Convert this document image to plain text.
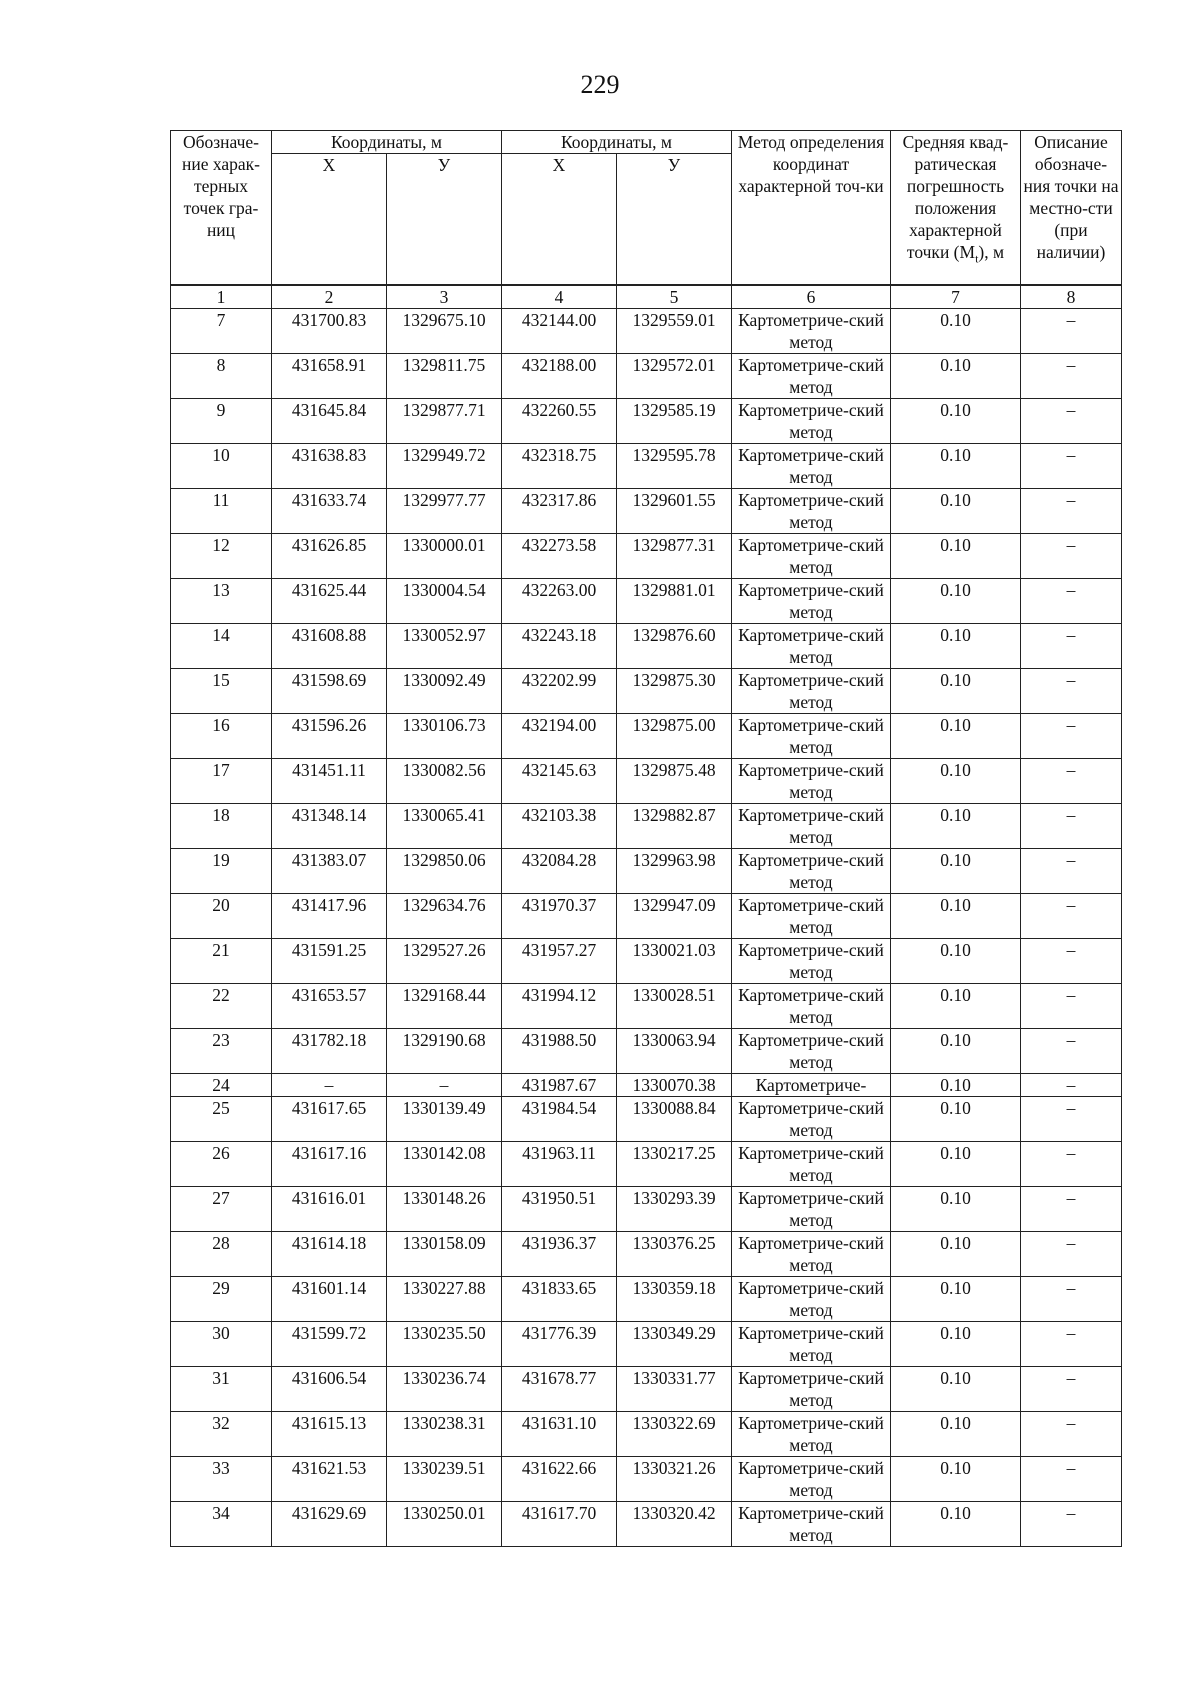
229
Обозначе-ние харак-терных точек гра-ниц	Координаты, м		Координаты, м		Метод определения координат характерной точ-ки	Средняя квад-ратическая погрешность положения характерной точки $(M_t)$, м	Описание обозначе-ния точки на местно-сти (при наличии)
	Х	У	Х	У			
1	2	3	4	5	6	7	8
7	431700.83	1329675.10	432144.00	1329559.01	Картометриче-ский метод	0.10	–
8	431658.91	1329811.75	432188.00	1329572.01	Картометриче-ский метод	0.10	–
9	431645.84	1329877.71	432260.55	1329585.19	Картометриче-ский метод	0.10	–
10	431638.83	1329949.72	432318.75	1329595.78	Картометриче-ский метод	0.10	–
11	431633.74	1329977.77	432317.86	1329601.55	Картометриче-ский метод	0.10	–
12	431626.85	1330000.01	432273.58	1329877.31	Картометриче-ский метод	0.10	–
13	431625.44	1330004.54	432263.00	1329881.01	Картометриче-ский метод	0.10	–
14	431608.88	1330052.97	432243.18	1329876.60	Картометриче-ский метод	0.10	–
15	431598.69	1330092.49	432202.99	1329875.30	Картометриче-ский метод	0.10	–
16	431596.26	1330106.73	432194.00	1329875.00	Картометриче-ский метод	0.10	–
17	431451.11	1330082.56	432145.63	1329875.48	Картометриче-ский метод	0.10	–
18	431348.14	1330065.41	432103.38	1329882.87	Картометриче-ский метод	0.10	–
19	431383.07	1329850.06	432084.28	1329963.98	Картометриче-ский метод	0.10	–
20	431417.96	1329634.76	431970.37	1329947.09	Картометриче-ский метод	0.10	–
21	431591.25	1329527.26	431957.27	1330021.03	Картометриче-ский метод	0.10	–
22	431653.57	1329168.44	431994.12	1330028.51	Картометриче-ский метод	0.10	–
23	431782.18	1329190.68	431988.50	1330063.94	Картометриче-ский метод	0.10	–
24	–	–	431987.67	1330070.38	Картометриче-	0.10	–
25	431617.65	1330139.49	431984.54	1330088.84	Картометриче-ский метод	0.10	–
26	431617.16	1330142.08	431963.11	1330217.25	Картометриче-ский метод	0.10	–
27	431616.01	1330148.26	431950.51	1330293.39	Картометриче-ский метод	0.10	–
28	431614.18	1330158.09	431936.37	1330376.25	Картометриче-ский метод	0.10	–
29	431601.14	1330227.88	431833.65	1330359.18	Картометриче-ский метод	0.10	–
30	431599.72	1330235.50	431776.39	1330349.29	Картометриче-ский метод	0.10	–
31	431606.54	1330236.74	431678.77	1330331.77	Картометриче-ский метод	0.10	–
32	431615.13	1330238.31	431631.10	1330322.69	Картометриче-ский метод	0.10	–
33	431621.53	1330239.51	431622.66	1330321.26	Картометриче-ский метод	0.10	–
34	431629.69	1330250.01	431617.70	1330320.42	Картометриче-ский метод	0.10	–
